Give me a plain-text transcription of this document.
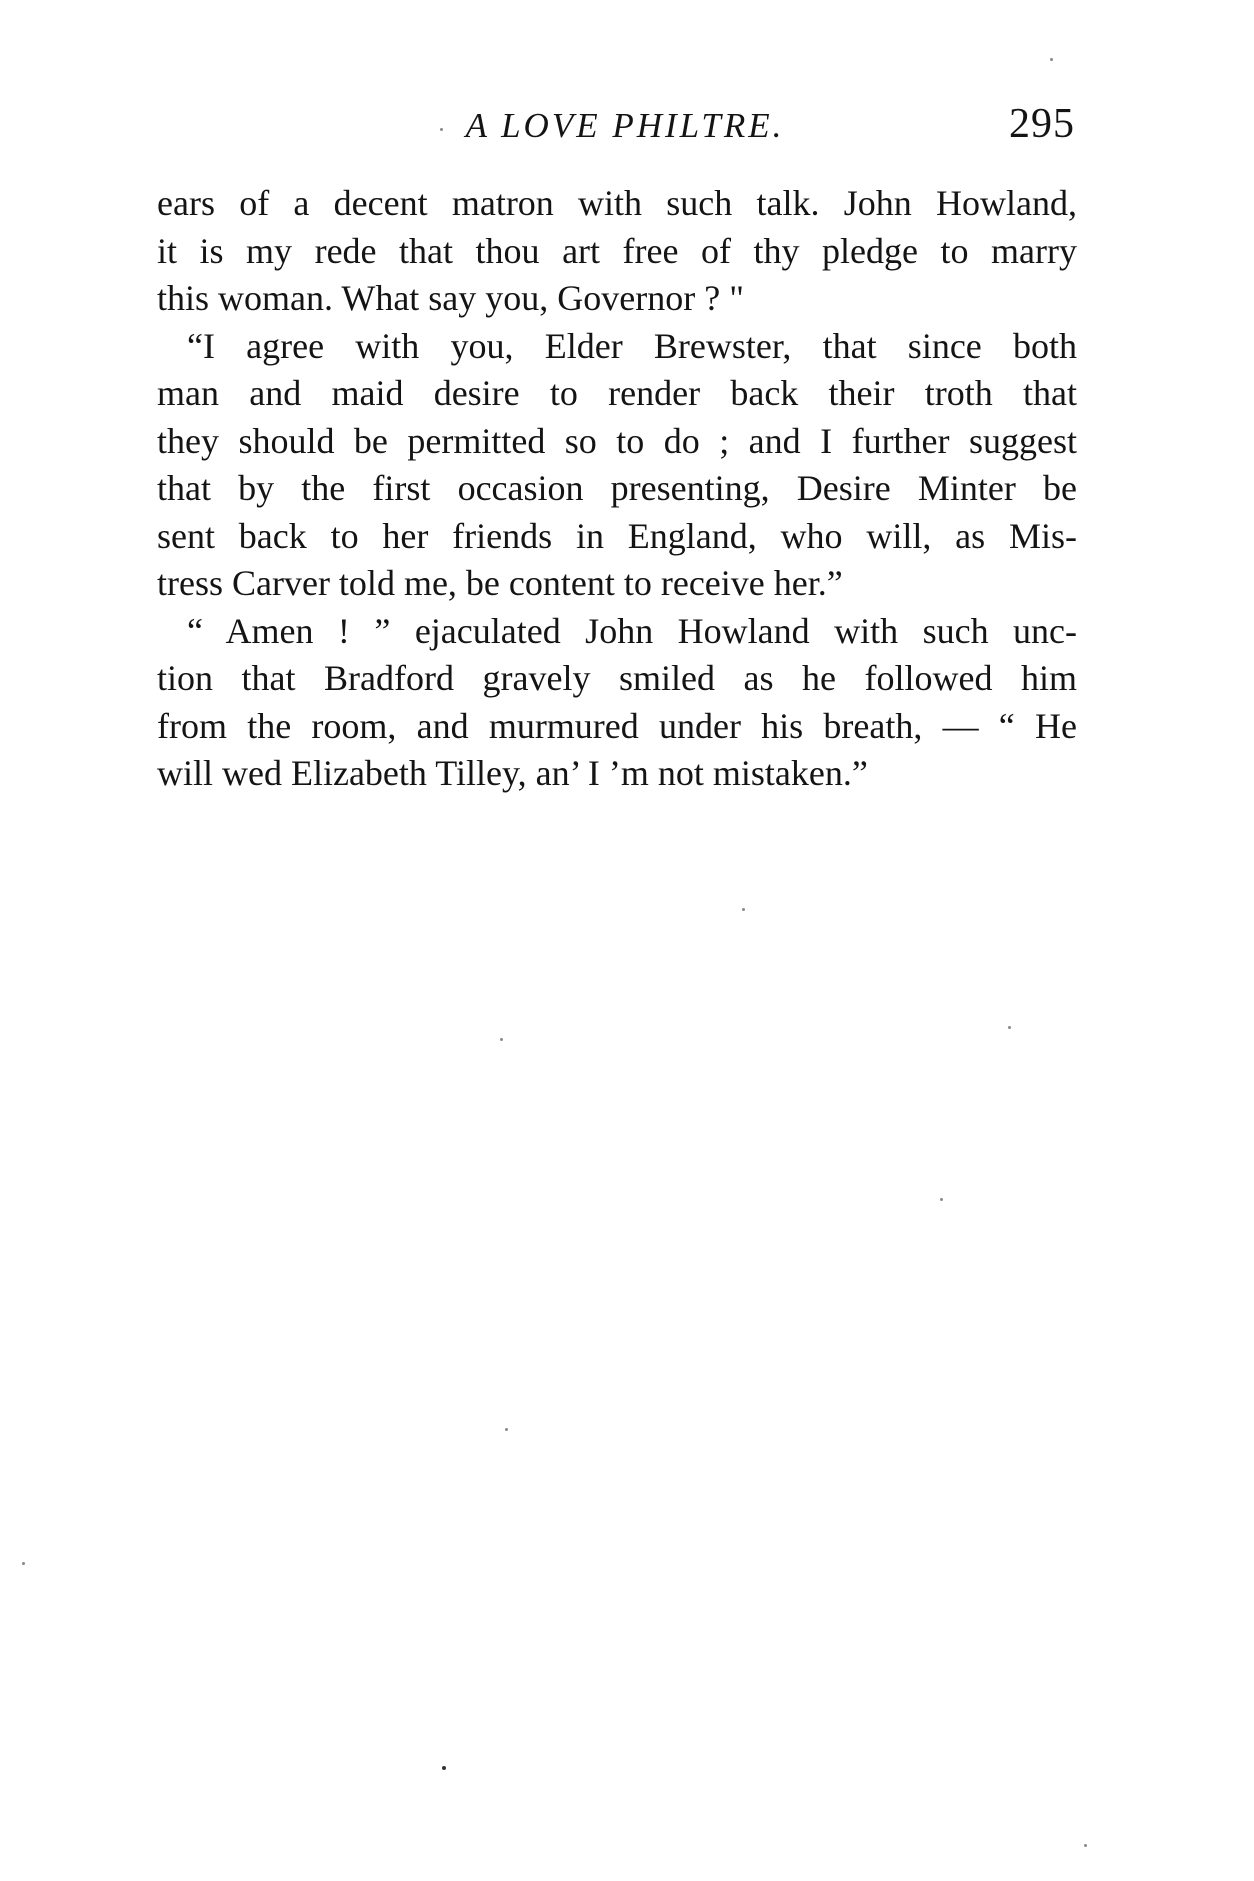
A LOVE PHILTRE.	295

ears of a decent matron with such talk. John Howland,
it is my rede that thou art free of thy pledge to marry
this woman. What say you, Governor ? "

“I agree with you, Elder Brewster, that since both
man and maid desire to render back their troth that
they should be permitted so to do ; and I further suggest
that by the first occasion presenting, Desire Minter be
sent back to her friends in England, who will, as Mis-
tress Carver told me, be content to receive her.”

“ Amen ! ” ejaculated John Howland with such unc-
tion that Bradford gravely smiled as he followed him
from the room, and murmured under his breath, — “ He
will wed Elizabeth Tilley, an’ I ’m not mistaken.”
